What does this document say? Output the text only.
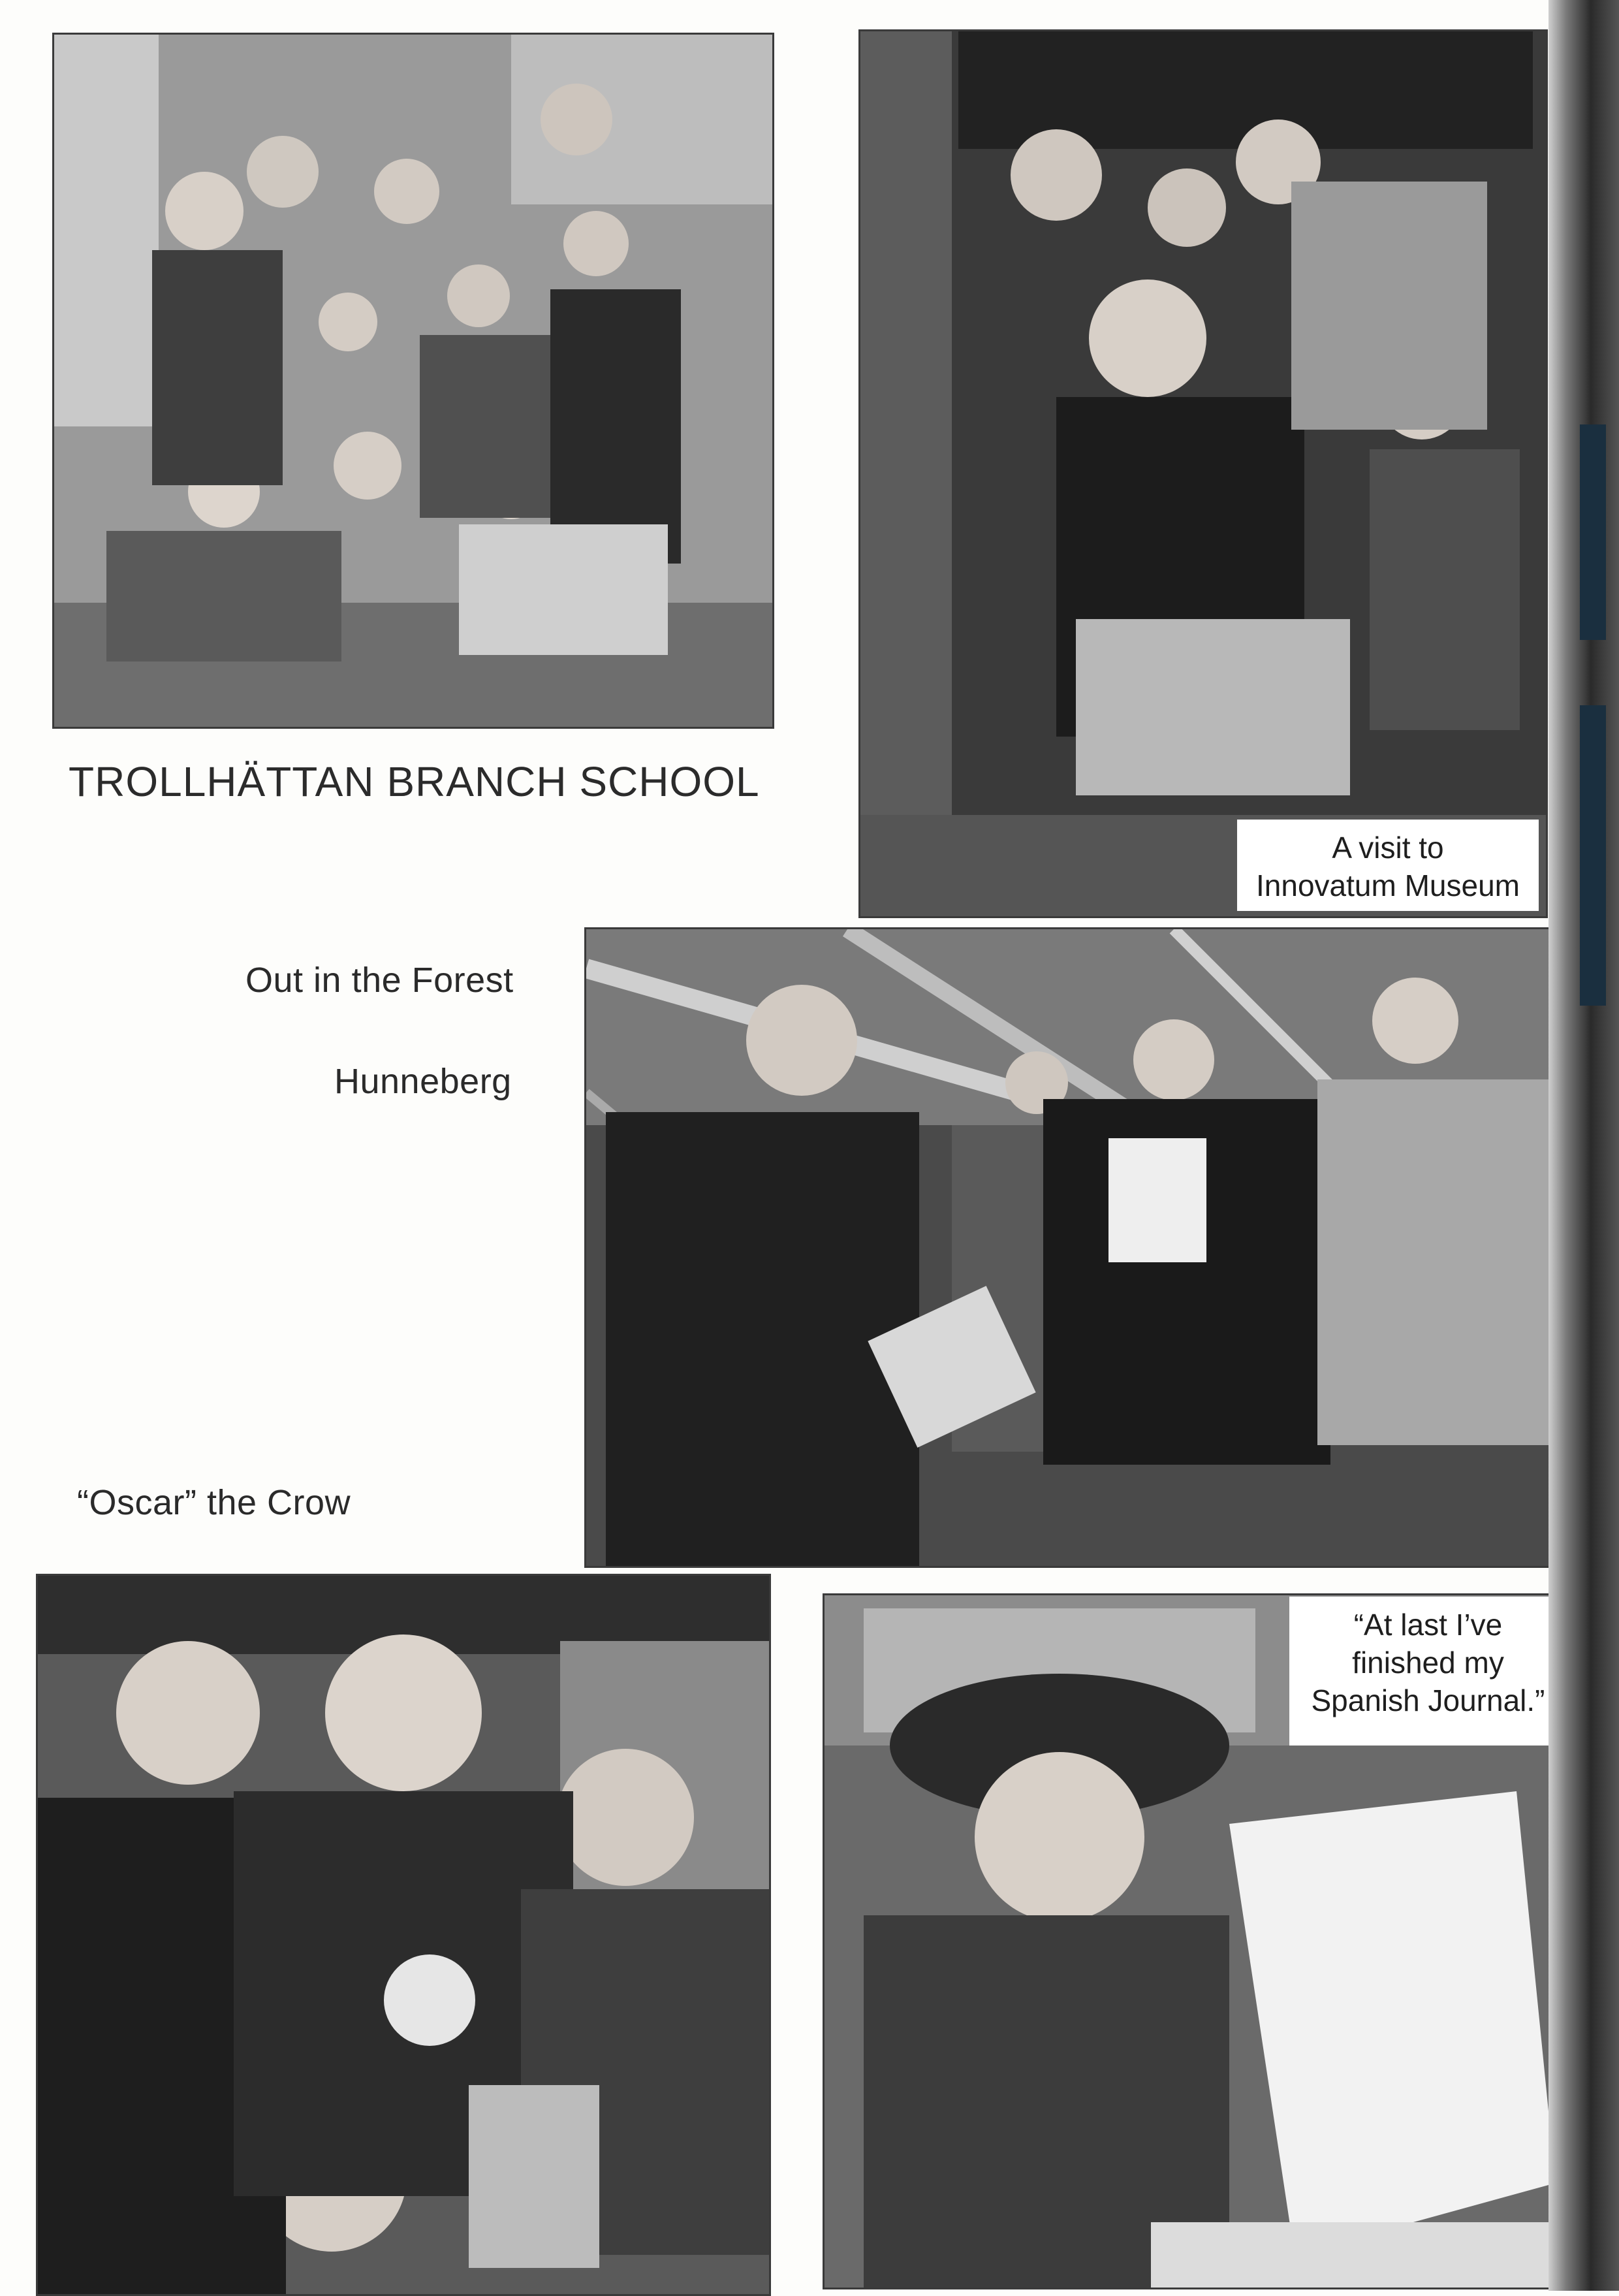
TROLLHÄTTAN BRANCH SCHOOL
A visit to
Innovatum Museum
Out in the Forest
Hunneberg
“Oscar” the Crow
“At last I’ve
finished my
Spanish Journal.”
